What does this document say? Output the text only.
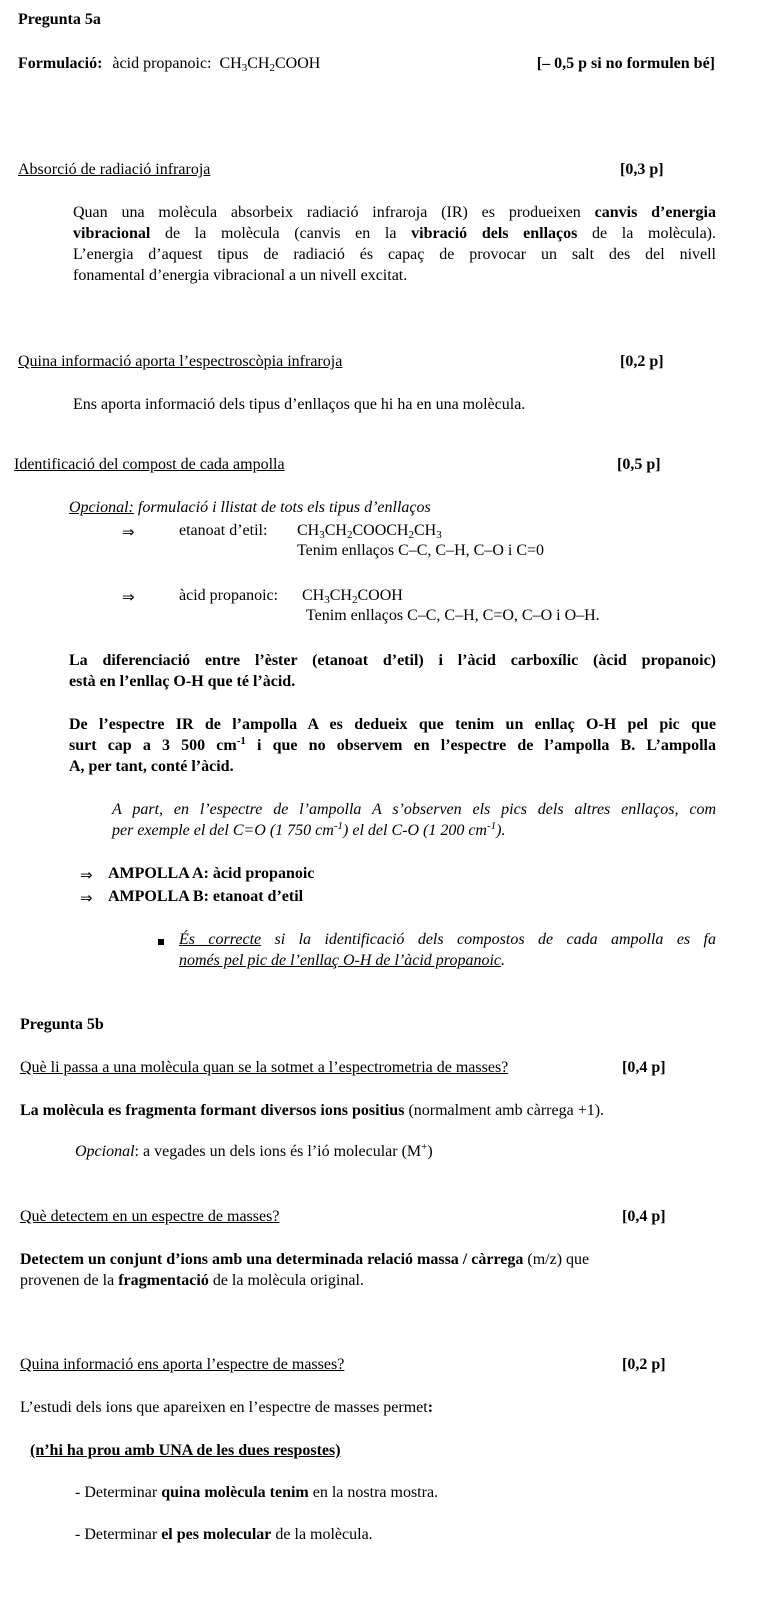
Pregunta 5a
Formulació: àcid propanoic: $CH_3CH_2COOH$	[– 0,5 p si no formulen bé]
Absorció de radiació infraroja	[0,3 p]
Quan una molècula absorbeix radiació infraroja (IR) es produeixen canvis d’energia
vibracional de la molècula (canvis en la vibració dels enllaços de la molècula).
L’energia d’aquest tipus de radiació és capaç de provocar un salt des del nivell
fonamental d’energia vibracional a un nivell excitat.
Quina informació aporta l’espectroscòpia infraroja	[0,2 p]
Ens aporta informació dels tipus d’enllaços que hi ha en una molècula.
Identificació del compost de cada ampolla	[0,5 p]
Opcional: formulació i llistat de tots els tipus d’enllaços
⇒	etanoat d’etil: $CH_3CH_2COOCH_2CH_3$
Tenim enllaços C–C, C–H, C–O i C=0
⇒	àcid propanoic: $CH_3CH_2COOH$
Tenim enllaços C–C, C–H, C=O, C–O i O–H.
La diferenciació entre l’èster (etanoat d’etil) i l’àcid carboxílic (àcid propanoic)
està en l’enllaç O-H que té l’àcid.
De l’espectre IR de l’ampolla A es dedueix que tenim un enllaç O-H pel pic que
surt cap a 3 500 $cm^{-1}$ i que no observem en l’espectre de l’ampolla B. L’ampolla
A, per tant, conté l’àcid.
A part, en l’espectre de l’ampolla A s’observen els pics dels altres enllaços, com
per exemple el del C=O (1 750 $cm^{-1}$) el del C-O (1 200 $cm^{-1}$).
⇒ AMPOLLA A: àcid propanoic
⇒ AMPOLLA B: etanoat d’etil
És correcte si la identificació dels compostos de cada ampolla es fa
només pel pic de l’enllaç O-H de l’àcid propanoic.
Pregunta 5b
Què li passa a una molècula quan se la sotmet a l’espectrometria de masses?	[0,4 p]
La molècula es fragmenta formant diversos ions positius (normalment amb càrrega +1).
Opcional: a vegades un dels ions és l’ió molecular (M+)
Què detectem en un espectre de masses?	[0,4 p]
Detectem un conjunt d’ions amb una determinada relació massa / càrrega (m/z) que
provenen de la fragmentació de la molècula original.
Quina informació ens aporta l’espectre de masses?	[0,2 p]
L’estudi dels ions que apareixen en l’espectre de masses permet:
(n’hi ha prou amb UNA de les dues respostes)
- Determinar quina molècula tenim en la nostra mostra.
- Determinar el pes molecular de la molècula.
